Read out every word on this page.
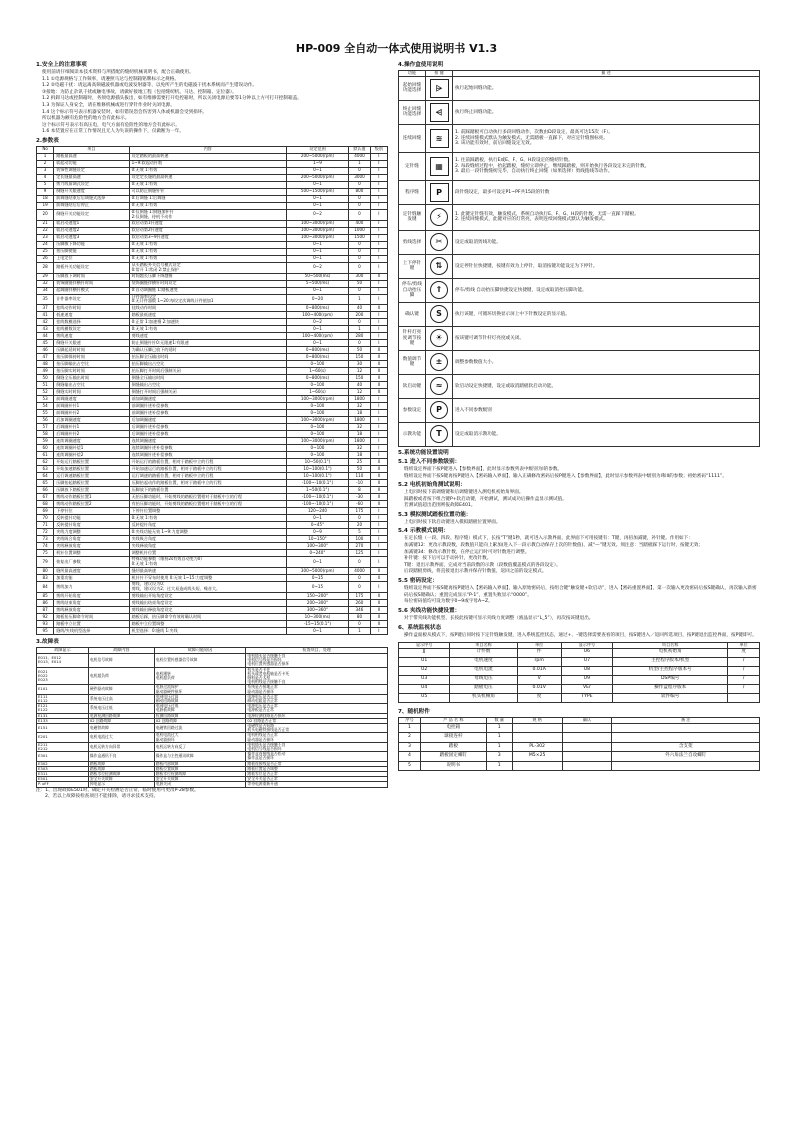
HP-009 全自动一体式使用说明书 V1.3
1.安全上的注意事项

使用前请仔细阅读本技术资料与所搭配的缝纫机械说明书，配合正确使用。

1.1 ①电源规格与工作频率，请遵照马达与控制箱铭牌标示之规格。

1.2 ②电磁干扰：请远离高频磁波机器或电波发射器等，以免所产生的电磁波干扰本系统而产生错误动作。

③接地：为防止杂讯干扰或触电事故，请做好接地工程（包括缝纫机、马达、控制箱、定位器）。

1.2 拆卸马达或控制箱时，务须电源插头拔出，如有维修需要打开电控箱时，所以关闭电源后要等1分钟以上方可打开控制箱盖。

1.3 为保证人身安全，请在维修机械或进行穿针作业时关闭电源。

1.4 这个标示符号表示机器安装时，如有错误恐会伤害到人体或机器会受到损坏。

所以机器为额有危险性的地方会有此标示。

这个标示符号表示有高压电，电气方面有危险性的地方会有此标示。

1.6 本装置应在正常工作情况且无人为失误的操作下，仅做断为一年。

2.参数表
No	项目	内容	设定范围	默认值	级别
1	踏板最高速	设定踏板的最高转速	200~5000(rpm)	4000	I
2	软起动功能	1~9:软起动针数	1~9	1	I
3	装饰性调链设定	0:无效 1:有效	0~1	0	I
4	定长缝最高速	设定定长缝的最高转速	200~5000(rpm)	3000	I
5	剪刀线前调式设定	0:无效 1:有效	0~1	0	I
9	倒缝开关限速度	可以防止倒缝针针	500~1500(rpm)	800	I
18	前调缝结束后后调缝式选择	0:后调缝 1:后调缝	0~1	0	I
19	前调缝结后后停止	0:无效 1:有效	0~1	0	I
20	倒缝开关功能设定	0:仅倒缝 1:倒缝加补针
2:仅倒缝，待机不动作	0~2	0	I
21	软启动速度1	软启动第1针速度	100~3000(rpm)	400	I
22	软启动速度2	软启动第2针速度	100~3000(rpm)	1000	I
23	软启动速度3	软启动第3~9针速度	100~3000(rpm)	1500	I
24	压脚敏下降功能	0:无效 1:有效	0~1	0	I
25	抬压脚使能	0:无效 1:有效	0~1	0	I
26	上电定位	0:无效 1:有效	0~1	0	I
28	踏板外关功能设定	从头踏板外关信号模式设定
0:常开 1:常闭 2:禁止保护	0~2	0	I
29	压脚放下调时间	时间越长压脚下降越慢	50~500(ms)	300	II
32	装饰圈链拌横针时间	装饰圈链拌横针时间设定	5~500(ms)	50	I
34	起调圈拌横针模式	0:自动调圈链 1:踏板速变	0~1	0	I
35	计件器率设定	计件器率设定
0:无计件器数 1~20:每设定次调线计件值加1	0~20	1	I
37	挂线动作时间	挂线动作时间	0~800(ms)	40	II
41	低速速度	踏板最低速度	100~400(rpm)	200	I
42	挂线数模选择	0:正常 1:加速慢 2:加速快	0~2	0	I
43	挂线模数设定	0:无效 1:有效	0~1	1	I
44	剪线速度	剪线速度	100~400(rpm)	280	I
45	倒缝开关限速	防止倒缝针针0:无限速1:有限速	0~1	0	I
46	压脚起延时时间	为确认压脚已放下的延时	0~800(ms)	50	II
47	抬压脚保持时间	抬压脚全压输出时间	0~800(ms)	150	II
48	抬压脚输出占空比	抬压脚输出占空比	0~100	30	II
49	抬压脚实时时间	抬压脚打开时间后强制关闭	1~60(s)	12	II
50	倒缝全压输出时间	倒缝全压输出时间	0~800(ms)	150	II
51	倒缝输出占空比	倒缝输出占空比	0~100	40	II
52	倒缝实时时间	倒缝打开时间后强制关闭	1~60(s)	12	II
53	前调圈速度	前加调圈速度	100~3000(rpm)	1800	I
54	前调圈补针1	前调圈针迹补偿参数	0~100	32	I
55	前调圈补针2	前调圈针迹补偿参数	0~100	18	I
56	后加调圈速度	后加调圈速度	100~3000(rpm)	1800	I
57	后调圈补针1	后调圈针迹补偿参数	0~100	32	I
58	后调圈补针2	后调圈针迹补偿参数	0~100	18	I
59	连续调圈速度	连续调圈速度	100~3000(rpm)	1800	I
60	连续调圈补偿1	连续调圈针迹补偿参数	0~100	32	I
61	连续调圈补偿2	连续调圈针迹补偿参数	0~100	18	I
62	开始运行踏板位置	开始运行的踏板位置，相对于踏板中立的行程	10~50(0.1°)	25	II
63	开始加速踏板位置	开始加速运行的踏板位置，相对于踏板中立的行程	10~100(0.1°)	50	II
64	运行调速踏板位置	运行调速的踏板位置，相对于踏板中立的行程	10~100(0.1°)	110	II
65	压脚抬起踏板位置	压脚抬起动作的踏板位置，相对于踏板中立的行程	-100~-10(0.1°)	-10	II
66	压脚放下踏板位置	压脚放下的踏板位置	1~50(0.1°)	8	II
67	剪线动作踏板位置1	无抬压脚功能时，开始剪线的踏板位置相对于踏板中立的行程	-100~-10(0.1°)	-30	II
68	剪线动作踏板位置2	有抬压脚功能时，开始剪线的踏板位置相对于踏板中立的行程	-100~-10(0.1°)	-60	II
69	下停针位	下停针位置调整	120~240	175	I
70	反转提针功能	0:无效 1:有效	0~1	0	I
71	反转提针角度	反转提针角度	0~45°	20	I
72	夹线力度调整	0:夹线功能无效 1~9:力度调整	0~9	5	I
73	夹线吸合角度	夹线吸合角度	10~150°	100	I
74	夹线释放角度	夹线释放角度	100~300°	270	I
75	机针位置调整	调整机针位置	0~240°	125	I
79	恢复出厂参数	特殊功能参数（维持2s有效自动变为0）
0:无效 1:有效	0~1	0	I
80	缝纫最高速度	缝纫最高转速	300~5000(rpm)	4000	II
83	加重功能	机针针不穿布时使用 0:无效 1~15:力度调整	0~15	0	II
84	剪线加力	剪线，建议设为0；
剪线，建议设为2；过大易造成线头短、噪音大。	0~15	0	I
85	剪线开始角度	剪线输出开始角度设定	150~200°	175	II
86	剪线结束角度	剪线输出结束角度设定	200~300°	260	II
87	剪线释放角度	剪线输出释放角度设定	300~360°	346	II
92	踏板抬压脚命令时间	踏板后踩，抬压脚命令有效时确认时间	10~300(ms)	80	II
93	踏板中立位置	踏板中立位置调整	-15~15(0.1°)	0	II
95	缝线/夹线机型选择	机型选择：0:缝线 1:夹线	0~1	1	I
3.故障表
故障显示	故障内容	故障可能原因	检查项目，处理
E011、E012
E013、E014	电机信号故障	电机位置传感器信号故障	电机插头是否接触不良
电机信号线是否损坏
电机位置传感器是否损坏
E021
E022
E023	电机超负荷	电机堵转
电机超负荷	机头是否卡住
机头或者电机轴是否卡死
缝料是否太厚
电机相线是否接触不良
E101	硬件驱动故障	电源过流保护
驱动器硬件损坏	系统是否接地正常
驱动器是否损坏
E111
E112	系统电压过高	电网电压过高
制动回路故障	电源电压是否正常
制动电阻是否正常
E121
E122	系统电压过低	电网电压过低
电源板故障	电源电压是否正常
电源板是否正常
E131	电源检测回路故障	检测回路故障	电源检测回路是否损坏
E133	02 回路故障	02 回路故障	02 回路是否正常
E151	电磁铁故障	电磁铁回路过流	电磁铁是否短路
机头电磁铁接线是否正常
E201	电机电流过大	电机电流过大
驱动器损坏	电机相线是否正常
驱动器是否损坏
E211
E212	电机运转方向异常	电机运转方向反了	电机插头是否接触不良
电机信号线是否损坏
E301	操作盒通讯不良	操作盒与主控通讯故障	操作盒连接线是否松动
操作盒是否损坏
E302	踏板故障	踏板内部故障	踏板连接线是否正常
E303	踏板故障	踏板位置故障	踏板位置是否调整
E311	踏板零位检测故障	踏板零位检测故障	踏板零位是否正常
E501	安全开关故障	安全开关故障	安全开关是否正常
P. oFF	掉电显示	电源关闭	等待电源重新开通

注：1、出现故障E501时，确定开关检测是否正常，临时使用可更改P-28参数。

2、若以上故障按检查项目不能排除，请寻求技术支持。

4.操作盒使用说明
功能	按 键	描 述
起始回缝功能选择	⩥	执行起始回缝功能。

终止回缝功能选择	⩤	执行终止回缝功能。

连续回缝	≋	1. 前踩踏板可自动执行多段回缝动作，次数由D段设定，最高可达15次（F）。
2. 连续回缝模式默认为触发模式，无需踏板一直踩下，对应定针缝图标亮。
3. 该功能有效时，前后回缝设定无效。

定针缝	▦	1. 往前踩踏板，执行E或E、F、G、H段设定的缝纫针数。
2. 每段缝纫过程中，抬起踏板，缝纫立即停止，继续踩踏板，则开始执行各段设定未完的针数。
3. 最后一段针数缝纫完毕，自动执行终止回缝（如果选择）剪线拨线等动作。

程序缝	P	段针缝设定，最多可设定P1~PF共15段的针数

定针缝触发键	⚡	1. 此键定针缝有效，触发模式，系统自动执行E、F、G、H段的针数，无需一直踩下踏板。
2. 连续回缝模式，此键对应的灯常亮，表明连续回缝模式默认为触发模式。

剪线选择	✂	设定或取消剪线功能。

上下停针键	⇅	设定停针位快捷键，按键有效为上停针，取消按键功能设定为下停针。

停车/剪线自动抬压脚	⇑	停车/剪线 自动抬压脚快捷设定快捷键，设定或取消抬压脚功能。

确认键	S	执行该键，可循环切换显示屏上中下针数设定的显示值。

针杆灯亮度调节按键	☀	按该键可调节针杆灯亮度或关闭。

数值调节键	±	调整参数数值大小。

软启动键	≈	软启动设定快捷键，设定或取消踏板软启动功能。

参数设定	P	进入不同参数级别

示教功能	T	设定或取消示教功能。
5.系统功能设置说明
5.1 进入不同参数级别：

缝纫设定界面下按P键进入【参数界面】，此时显示参数列表中级别为I的参数。

缝纫设定界面下按S键再按P键进入【密码输入界面】，输入正确修改密码后按P键进入【参数界面】，此时显示参数列表中级别为I和II的参数；初始密码“1111”。

5.2 电机初始角测试说明：

上电同时按下前调缝键和后调缝键进入测电机初始角界面。

踩踏板或者按下组合键P+软启动键，开始测试，测试成功后操作盒显示测试值。

若测试值超出范围则报故障E401。

5.3 模拟测试踏板位置功能：

上电同时按下软启动键进入模拟踏板位置界面。

5.4 示教模式说明：

在定长缝（一段、四段、程序缝）模式下，长按“T”键1秒，就可进入示教界面，此界面下可用按键有：T键，再扭加减键，补针键。作用如下：

加减键12：更改示教段数，段数值只能向上累加(进入下一段示教自动保存上次的针数值)，减“—”键无效。须注意：当踏板踩下运行时，按键无效；

加减键34：修改示教针数，在停止运行时可对针数进行调整。

补针键：按下后可以手动补针，更改针数。

T键：退出示教界面，完成对当前段数的示教（段数值覆盖模式的各段设定）。

后段踏板剪线，将直接退出示教并保存针数值，返回之前的设定模式。

5.5 密码设定：

缝纫设定界面下按S键再按P键进入【密码输入界面】，输入原始密码后，按组合键“触发键+软启动”，进入【密码重置界面】，第一次输入更改密码后按S键确认，再次输入新密码后按S键确认；重置完成显示“P-1”，重置失败显示“0000”。

每位密码值均可设为数字0~9或字母A~Z。

5.6 夹线功能快捷设置：

对于带夹线功能机型，长按此按键可显示夹线力度调整（液晶显示“L_5”），再次按该键退出。

6、系统监视状态

操作盒面板从模式下，按P键后同时按下定针缝触发键，进入系统监控状态，通过+、–键选择需要查看的项目，按S键进入／返回所选项目，按P键退出监控界面，按P键即可。

显示序号	项目名称	单位	显示序号	项目名称	单位
JJ	计件数	件	U6	电机初始角	度
U1	电机速度	rpm	U7	主控程序版本/机型	/
U2	电机电流	0.01A	U8	机型/主控程序版本号	/
U3	母线电压	V	U9	DSP编号	/
U4	踏板电压	0.01V	VEr	操作盒程序版本	/
U5	机头机械角	度	TYPE	软件编号	
7、随机附件
序号	产 品 名 称	数 量	规 格	确认	备 注
1	电控箱	1			
2	球接连杆	1			
3	踏板	1	PL-302		含支架
4	踏板固定螺钉	3	M5×25		外六角法兰自攻螺钉
5	说明书	1			
